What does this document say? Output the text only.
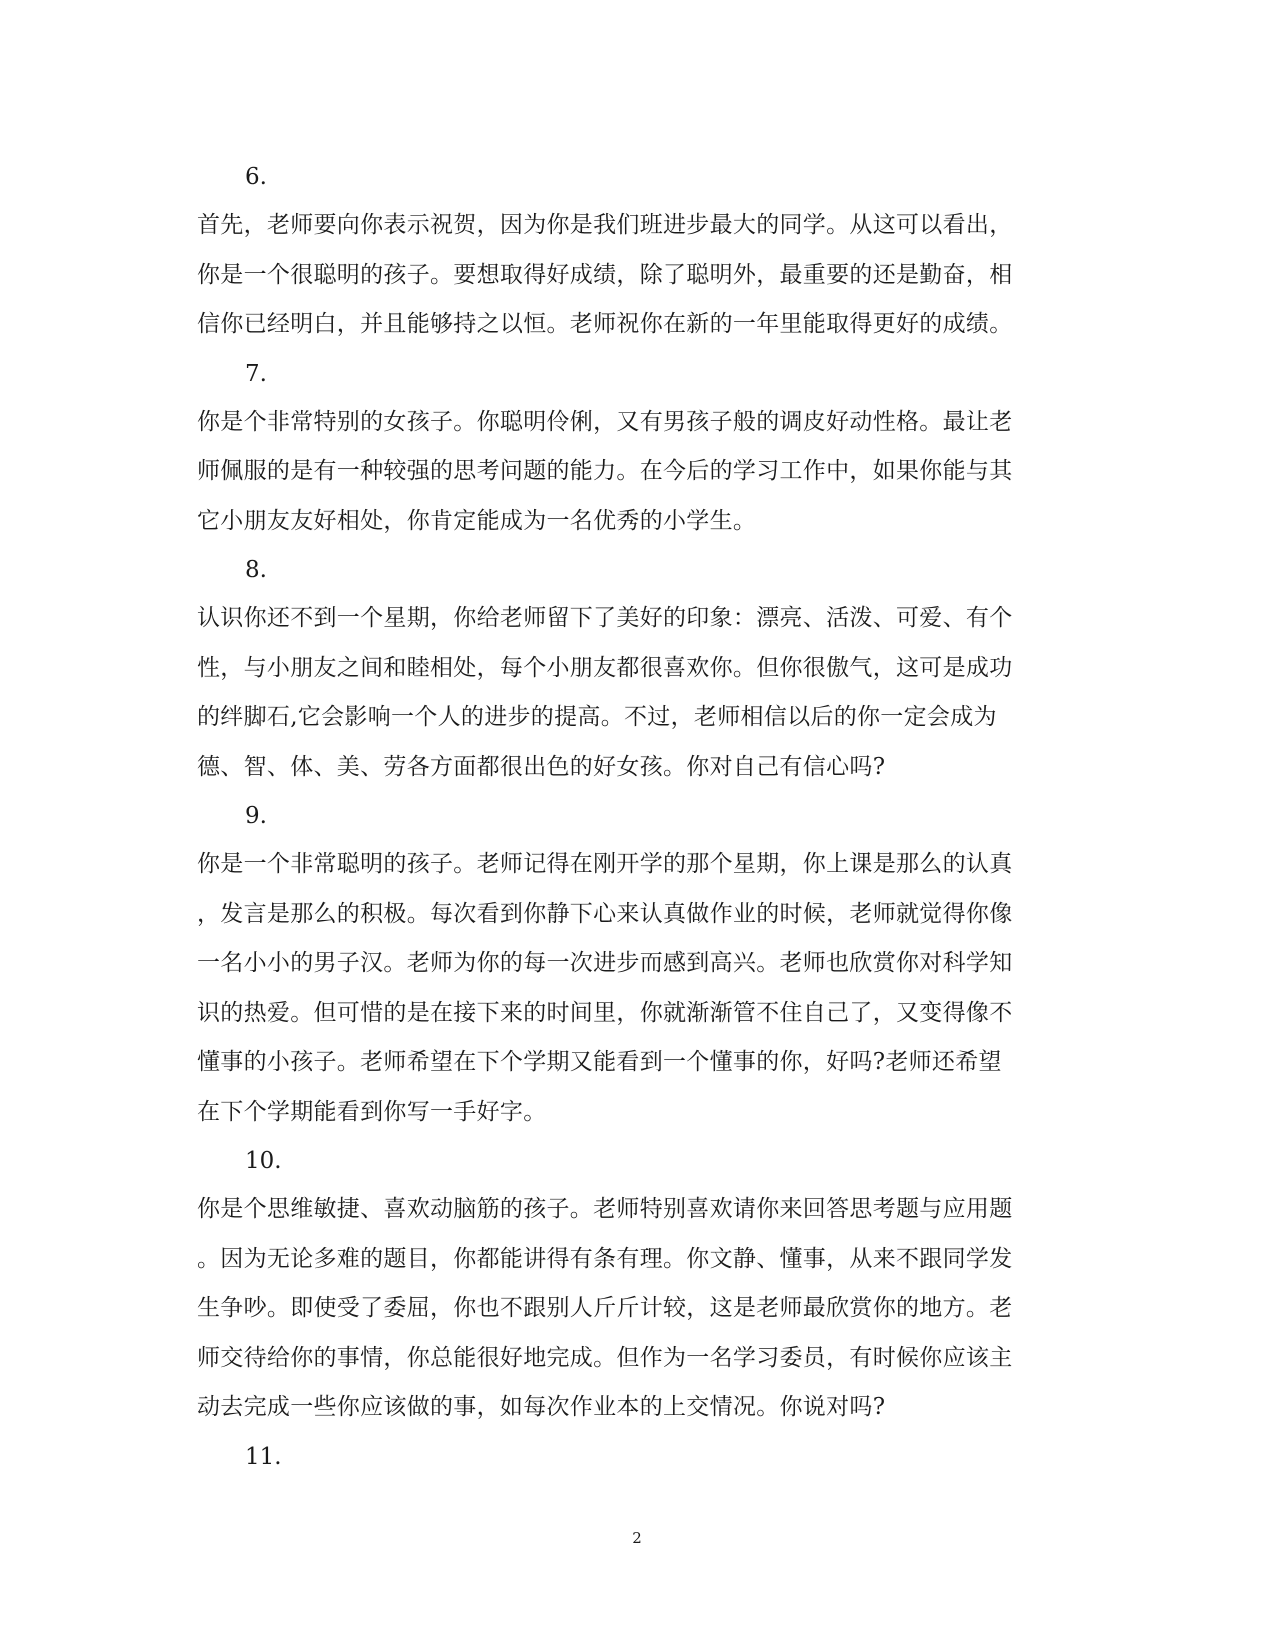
6.
首先，老师要向你表示祝贺，因为你是我们班进步最大的同学。从这可以看出，
你是一个很聪明的孩子。要想取得好成绩，除了聪明外，最重要的还是勤奋，相
信你已经明白，并且能够持之以恒。老师祝你在新的一年里能取得更好的成绩。
7.
你是个非常特别的女孩子。你聪明伶俐，又有男孩子般的调皮好动性格。最让老
师佩服的是有一种较强的思考问题的能力。在今后的学习工作中，如果你能与其
它小朋友友好相处，你肯定能成为一名优秀的小学生。
8.
认识你还不到一个星期，你给老师留下了美好的印象：漂亮、活泼、可爱、有个
性，与小朋友之间和睦相处，每个小朋友都很喜欢你。但你很傲气，这可是成功
的绊脚石,它会影响一个人的进步的提高。不过，老师相信以后的你一定会成为
德、智、体、美、劳各方面都很出色的好女孩。你对自己有信心吗?
9.
你是一个非常聪明的孩子。老师记得在刚开学的那个星期，你上课是那么的认真
，发言是那么的积极。每次看到你静下心来认真做作业的时候，老师就觉得你像
一名小小的男子汉。老师为你的每一次进步而感到高兴。老师也欣赏你对科学知
识的热爱。但可惜的是在接下来的时间里，你就渐渐管不住自己了，又变得像不
懂事的小孩子。老师希望在下个学期又能看到一个懂事的你，好吗?老师还希望
在下个学期能看到你写一手好字。
10.
你是个思维敏捷、喜欢动脑筋的孩子。老师特别喜欢请你来回答思考题与应用题
。因为无论多难的题目，你都能讲得有条有理。你文静、懂事，从来不跟同学发
生争吵。即使受了委屈，你也不跟别人斤斤计较，这是老师最欣赏你的地方。老
师交待给你的事情，你总能很好地完成。但作为一名学习委员，有时候你应该主
动去完成一些你应该做的事，如每次作业本的上交情况。你说对吗?
11.
2
